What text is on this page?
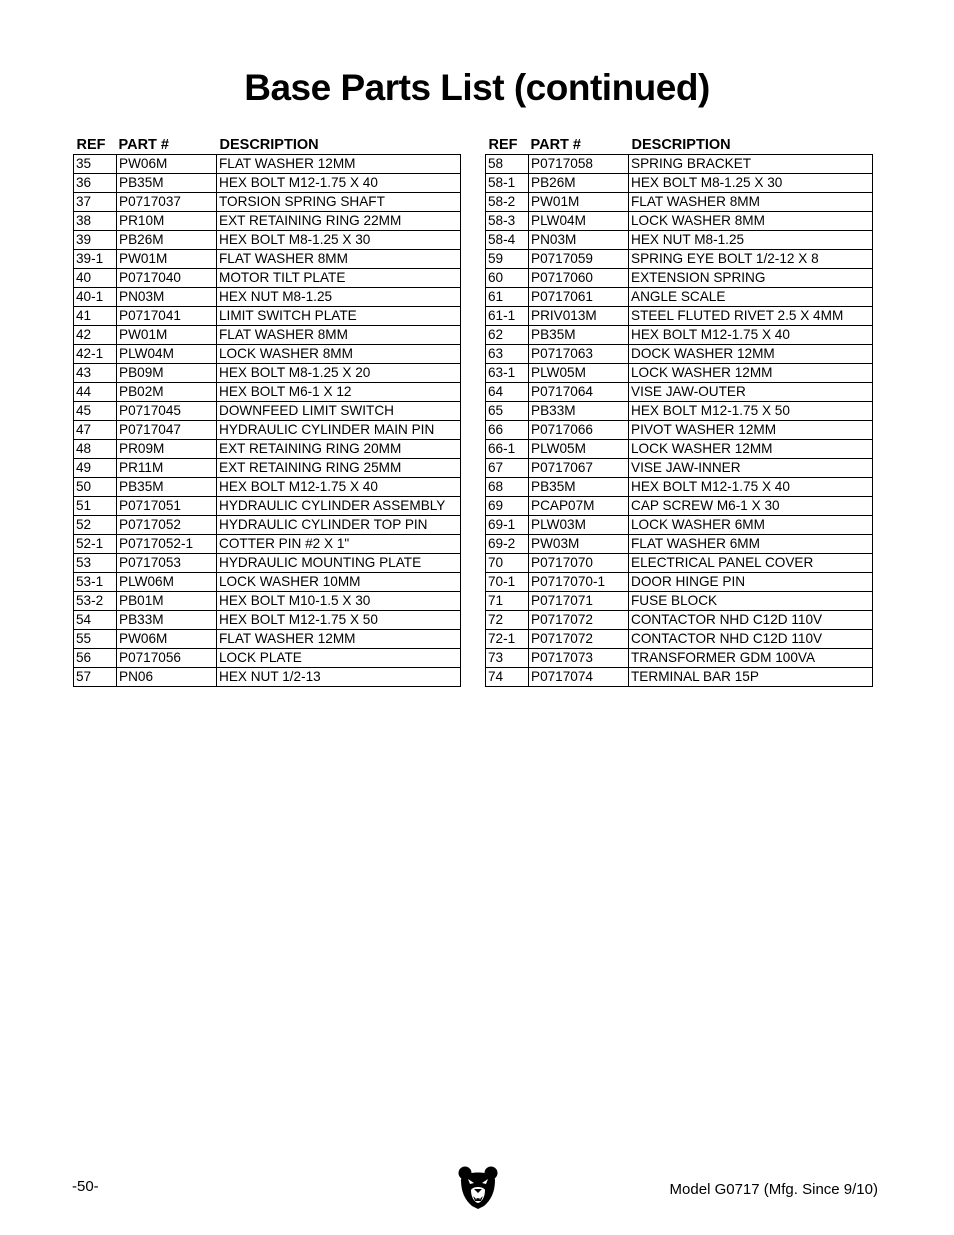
Base Parts List (continued)
REF	PART #	DESCRIPTION
35	PW06M	FLAT WASHER 12MM
36	PB35M	HEX BOLT M12-1.75 X 40
37	P0717037	TORSION SPRING SHAFT
38	PR10M	EXT RETAINING RING 22MM
39	PB26M	HEX BOLT M8-1.25 X 30
39-1	PW01M	FLAT WASHER 8MM
40	P0717040	MOTOR TILT PLATE
40-1	PN03M	HEX NUT M8-1.25
41	P0717041	LIMIT SWITCH PLATE
42	PW01M	FLAT WASHER 8MM
42-1	PLW04M	LOCK WASHER 8MM
43	PB09M	HEX BOLT M8-1.25 X 20
44	PB02M	HEX BOLT M6-1 X 12
45	P0717045	DOWNFEED LIMIT SWITCH
47	P0717047	HYDRAULIC CYLINDER MAIN PIN
48	PR09M	EXT RETAINING RING 20MM
49	PR11M	EXT RETAINING RING 25MM
50	PB35M	HEX BOLT M12-1.75 X 40
51	P0717051	HYDRAULIC CYLINDER ASSEMBLY
52	P0717052	HYDRAULIC CYLINDER TOP PIN
52-1	P0717052-1	COTTER PIN #2 X 1"
53	P0717053	HYDRAULIC MOUNTING PLATE
53-1	PLW06M	LOCK WASHER 10MM
53-2	PB01M	HEX BOLT M10-1.5 X 30
54	PB33M	HEX BOLT M12-1.75 X 50
55	PW06M	FLAT WASHER 12MM
56	P0717056	LOCK PLATE
57	PN06	HEX NUT 1/2-13
REF	PART #	DESCRIPTION
58	P0717058	SPRING BRACKET
58-1	PB26M	HEX BOLT M8-1.25 X 30
58-2	PW01M	FLAT WASHER 8MM
58-3	PLW04M	LOCK WASHER 8MM
58-4	PN03M	HEX NUT M8-1.25
59	P0717059	SPRING EYE BOLT 1/2-12 X 8
60	P0717060	EXTENSION SPRING
61	P0717061	ANGLE SCALE
61-1	PRIV013M	STEEL FLUTED RIVET 2.5 X 4MM
62	PB35M	HEX BOLT M12-1.75 X 40
63	P0717063	DOCK WASHER 12MM
63-1	PLW05M	LOCK WASHER 12MM
64	P0717064	VISE JAW-OUTER
65	PB33M	HEX BOLT M12-1.75 X 50
66	P0717066	PIVOT WASHER 12MM
66-1	PLW05M	LOCK WASHER 12MM
67	P0717067	VISE JAW-INNER
68	PB35M	HEX BOLT M12-1.75 X 40
69	PCAP07M	CAP SCREW M6-1 X 30
69-1	PLW03M	LOCK WASHER 6MM
69-2	PW03M	FLAT WASHER 6MM
70	P0717070	ELECTRICAL PANEL COVER
70-1	P0717070-1	DOOR HINGE PIN
71	P0717071	FUSE BLOCK
72	P0717072	CONTACTOR NHD C12D 110V
72-1	P0717072	CONTACTOR NHD C12D 110V
73	P0717073	TRANSFORMER GDM 100VA
74	P0717074	TERMINAL BAR 15P

-50-	Model G0717 (Mfg. Since 9/10)
